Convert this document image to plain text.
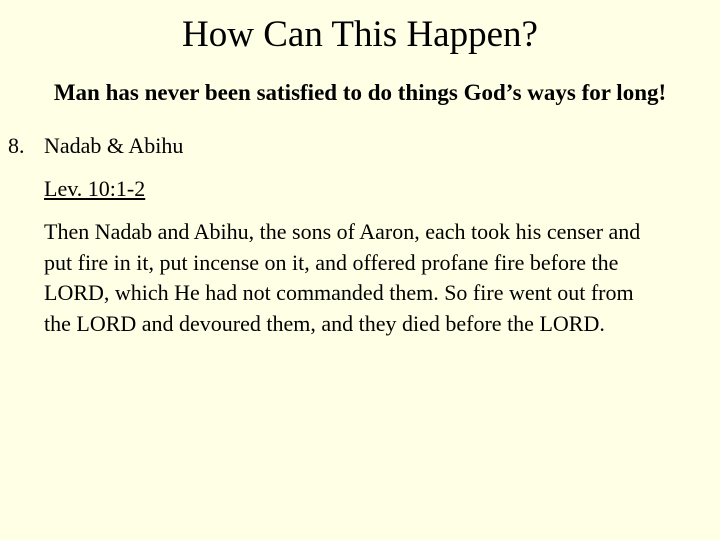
How Can This Happen?
Man has never been satisfied to do things God’s ways for long!
8. Nadab & Abihu
Lev. 10:1-2
Then Nadab and Abihu, the sons of Aaron, each took his censer and
put fire in it, put incense on it, and offered profane fire before the
LORD, which He had not commanded them. So fire went out from
the LORD and devoured them, and they died before the LORD.
